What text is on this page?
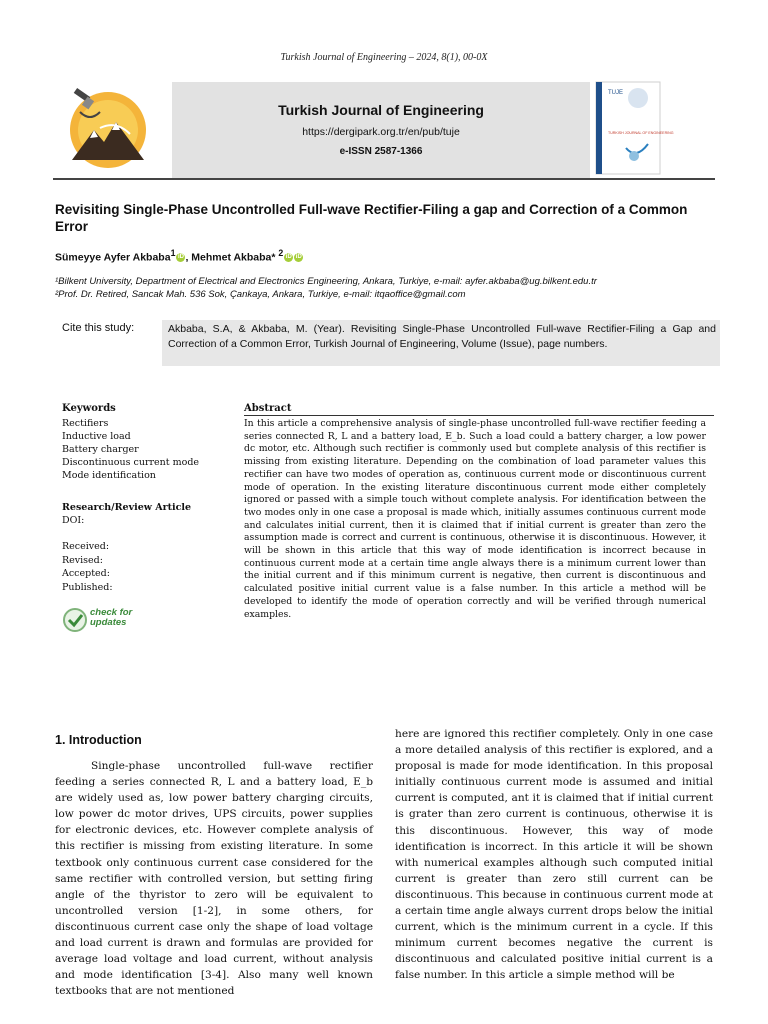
Turkish Journal of Engineering – 2024, 8(1), 00-0X
Turkish Journal of Engineering
https://dergipark.org.tr/en/pub/tuje
e-ISSN 2587-1366
TUJE
TURKISH JOURNAL OF ENGINEERING
Revisiting Single-Phase Uncontrolled Full-wave Rectifier-Filing a gap and Correction of a Common Error
Sümeyye Ayfer Akbaba$^1$ iD , Mehmet Akbaba* $^2$ iD iD
¹Bilkent University, Department of Electrical and Electronics Engineering, Ankara, Turkiye, e-mail: ayfer.akbaba@ug.bilkent.edu.tr
²Prof. Dr. Retired, Sancak Mah. 536 Sok, Çankaya, Ankara, Turkiye, e-mail: itqaoffice@gmail.com
Cite this study:	Akbaba, S.A, & Akbaba, M. (Year). Revisiting Single-Phase Uncontrolled Full-wave Rectifier-Filing a Gap and Correction of a Common Error, Turkish Journal of Engineering, Volume (Issue), page numbers.
Keywords
Rectifiers
Inductive load
Battery charger
Discontinuous current mode
Mode identification
Research/Review Article
DOI:
Received:
Revised:
Accepted:
Published:
check for
updates
Abstract
In this article a comprehensive analysis of single-phase uncontrolled full-wave rectifier feeding a series connected R, L and a battery load, E_b. Such a load could a battery charger, a low power dc motor, etc. Although such rectifier is commonly used but complete analysis of this rectifier is missing from existing literature. Depending on the combination of load parameter values this rectifier can have two modes of operation as, continuous current mode or discontinuous current mode of operation. In the existing literature discontinuous current mode either completely ignored or passed with a simple touch without complete analysis. For identification between the two modes only in one case a proposal is made which, initially assumes continuous current mode and calculates initial current, then it is claimed that if initial current is greater than zero the assumption made is correct and current is continuous, otherwise it is discontinuous. However, it will be shown in this article that this way of mode identification is incorrect because in continuous current mode at a certain time angle always there is a minimum current lower than the initial current and if this minimum current is negative, then current is discontinuous and calculated positive initial current value is a false number. In this article a method will be developed to identify the mode of operation correctly and will be verified through numerical examples.
1. Introduction
Single-phase uncontrolled full-wave rectifier feeding a series connected R, L and a battery load, E_b are widely used as, low power battery charging circuits, low power dc motor drives, UPS circuits, power supplies for electronic devices, etc. However complete analysis of this rectifier is missing from existing literature. In some textbook only continuous current case considered for the same rectifier with controlled version, but setting firing angle of the thyristor to zero will be equivalent to uncontrolled version [1-2], in some others, for discontinuous current case only the shape of load voltage and load current is drawn and formulas are provided for average load voltage and load current, without analysis and mode identification [3-4]. Also many well known textbooks that are not mentioned
here are ignored this rectifier completely. Only in one case a more detailed analysis of this rectifier is explored, and a proposal is made for mode identification. In this proposal initially continuous current mode is assumed and initial current is computed, ant it is claimed that if initial current is grater than zero current is continuous, otherwise it is this discontinuous. However, this way of mode identification is incorrect. In this article it will be shown with numerical examples although such computed initial current is greater than zero still current can be discontinuous. This because in continuous current mode at a certain time angle always current drops below the initial current, which is the minimum current in a cycle. If this minimum current becomes negative the current is discontinuous and calculated positive initial current is a false number. In this article a simple method will be
